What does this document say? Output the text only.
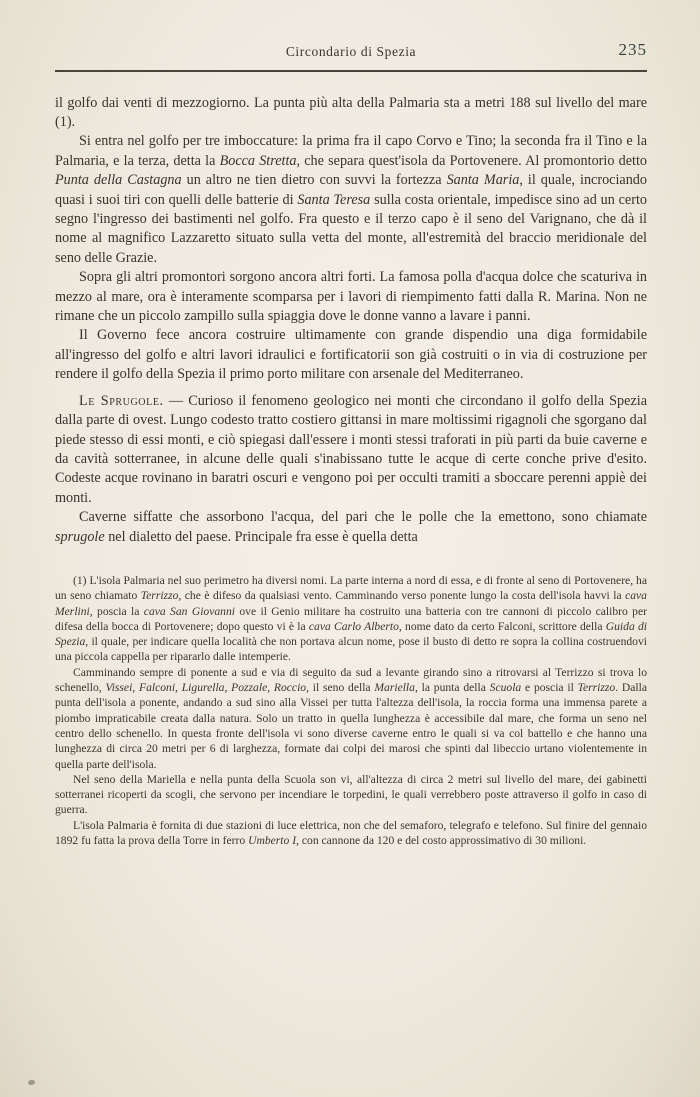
Circondario di Spezia	235

il golfo dai venti di mezzogiorno. La punta più alta della Palmaria sta a metri 188 sul livello del mare (1).

Si entra nel golfo per tre imboccature: la prima fra il capo Corvo e Tino; la seconda fra il Tino e la Palmaria, e la terza, detta la Bocca Stretta, che separa quest'isola da Portovenere. Al promontorio detto Punta della Castagna un altro ne tien dietro con suvvi la fortezza Santa Maria, il quale, incrociando quasi i suoi tiri con quelli delle batterie di Santa Teresa sulla costa orientale, impedisce sino ad un certo segno l'ingresso dei bastimenti nel golfo. Fra questo e il terzo capo è il seno del Varignano, che dà il nome al magnifico Lazzaretto situato sulla vetta del monte, all'estremità del braccio meridionale del seno delle Grazie.

Sopra gli altri promontori sorgono ancora altri forti. La famosa polla d'acqua dolce che scaturiva in mezzo al mare, ora è interamente scomparsa per i lavori di riempimento fatti dalla R. Marina. Non ne rimane che un piccolo zampillo sulla spiaggia dove le donne vanno a lavare i panni.

Il Governo fece ancora costruire ultimamente con grande dispendio una diga formidabile all'ingresso del golfo e altri lavori idraulici e fortificatorii son già costruiti o in via di costruzione per rendere il golfo della Spezia il primo porto militare con arsenale del Mediterraneo.

Le Sprugole. — Curioso il fenomeno geologico nei monti che circondano il golfo della Spezia dalla parte di ovest. Lungo codesto tratto costiero gittansi in mare moltissimi rigagnoli che sgorgano dal piede stesso di essi monti, e ciò spiegasi dall'essere i monti stessi traforati in più parti da buie caverne e da cavità sotterranee, in alcune delle quali s'inabissano tutte le acque di certe conche prive d'esito. Codeste acque rovinano in baratri oscuri e vengono poi per occulti tramiti a sboccare perenni appiè dei monti.

Caverne siffatte che assorbono l'acqua, del pari che le polle che la emettono, sono chiamate sprugole nel dialetto del paese. Principale fra esse è quella detta

(1) L'isola Palmaria nel suo perimetro ha diversi nomi. La parte interna a nord di essa, e di fronte al seno di Portovenere, ha un seno chiamato Terrizzo, che è difeso da qualsiasi vento. Camminando verso ponente lungo la costa dell'isola havvi la cava Merlini, poscia la cava San Giovanni ove il Genio militare ha costruito una batteria con tre cannoni di piccolo calibro per difesa della bocca di Portovenere; dopo questo vi è la cava Carlo Alberto, nome dato da certo Falconi, scrittore della Guida di Spezia, il quale, per indicare quella località che non portava alcun nome, pose il busto di detto re sopra la collina costruendovi una piccola cappella per ripararlo dalle intemperie.

Camminando sempre di ponente a sud e via di seguito da sud a levante girando sino a ritrovarsi al Terrizzo si trova lo schenello, Vissei, Falconi, Ligurella, Pozzale, Roccio, il seno della Mariella, la punta della Scuola e poscia il Terrizzo. Dalla punta dell'isola a ponente, andando a sud sino alla Vissei per tutta l'altezza dell'isola, la roccia forma una immensa parete a piombo impraticabile creata dalla natura. Solo un tratto in quella lunghezza è accessibile dal mare, che forma un seno nel centro dello schenello. In questa fronte dell'isola vi sono diverse caverne entro le quali si va col battello e che hanno una lunghezza di circa 20 metri per 6 di larghezza, formate dai colpi dei marosi che spinti dal libeccio urtano violentemente in quella parte dell'isola.

Nel seno della Mariella e nella punta della Scuola son vi, all'altezza di circa 2 metri sul livello del mare, dei gabinetti sotterranei ricoperti da scogli, che servono per incendiare le torpedini, le quali verrebbero poste attraverso il golfo in caso di guerra.

L'isola Palmaria è fornita di due stazioni di luce elettrica, non che del semaforo, telegrafo e telefono. Sul finire del gennaio 1892 fu fatta la prova della Torre in ferro Umberto I, con cannone da 120 e del costo approssimativo di 30 milioni.
